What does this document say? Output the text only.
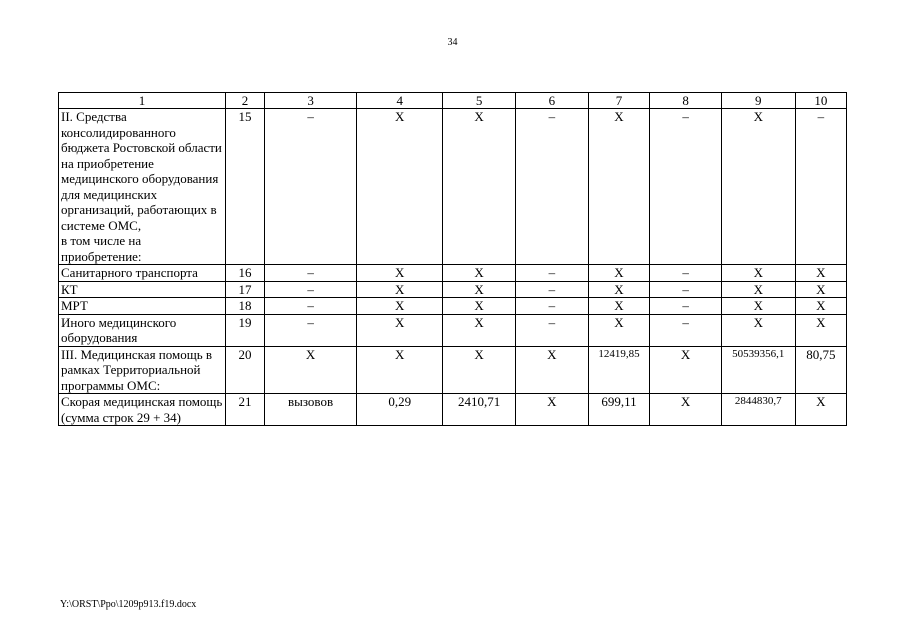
34
1	2	3	4	5	6	7	8	9	10
II. Средства консолидированного бюджета Ростовской области на приобретение медицинского оборудования для медицинских организаций, работающих в системе ОМС,
в том числе на приобретение:	15	–	Х	Х	–	Х	–	Х	–
Санитарного транспорта	16	–	Х	Х	–	Х	–	Х	Х
КТ	17	–	Х	Х	–	Х	–	Х	Х
МРТ	18	–	Х	Х	–	Х	–	Х	Х
Иного медицинского оборудования	19	–	Х	Х	–	Х	–	Х	Х
III. Медицинская помощь в рамках Территориальной программы ОМС:	20	Х	Х	Х	Х	12419,85	Х	50539356,1	80,75
Скорая медицинская помощь (сумма строк 29 + 34)	21	вызовов	0,29	2410,71	Х	699,11	Х	2844830,7	Х
Y:\ORST\Ppo\1209p913.f19.docx
